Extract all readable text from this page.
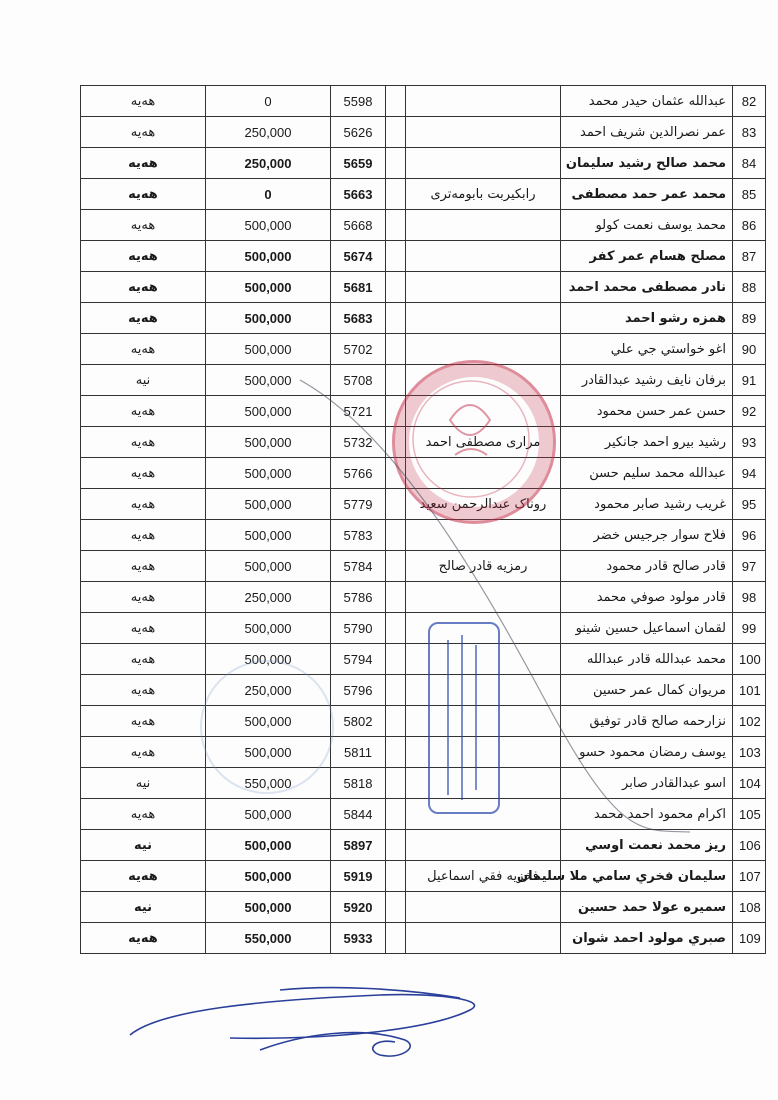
هەیە	0	5598			عبدالله عثمان حيدر محمد	82
هەیە	250,000	5626			عمر نصرالدين شريف احمد	83
هەیە	250,000	5659			محمد صالح رشيد سليمان	84
هەیە	0	5663		رابکیربت بابومەتری	محمد عمر حمد مصطفى	85
هەیە	500,000	5668			محمد يوسف نعمت كولو	86
هەیە	500,000	5674			مصلح هسام عمر كفر	87
هەیە	500,000	5681			نادر مصطفى محمد احمد	88
هەیە	500,000	5683			همزه رشو احمد	89
هەیە	500,000	5702			اغو خواستي جي علي	90
نیە	500,000	5708			برفان نايف رشيد عبدالقادر	91
هەیە	500,000	5721			حسن عمر حسن محمود	92
هەیە	500,000	5732		مراری مصطفی احمد	رشيد بيرو احمد جانكير	93
هەیە	500,000	5766			عبدالله محمد سليم حسن	94
هەیە	500,000	5779		روناک عبدالرحمن سعيد	غريب رشيد صابر محمود	95
هەیە	500,000	5783			فلاح سوار جرجيس خضر	96
هەیە	500,000	5784		رمزيه قادر صالح	قادر صالح قادر محمود	97
هەیە	250,000	5786			قادر مولود صوفي محمد	98
هەیە	500,000	5790			لقمان اسماعيل حسين شينو	99
هەیە	500,000	5794			محمد عبدالله قادر عبدالله	100
هەیە	250,000	5796			مريوان كمال عمر حسين	101
هەیە	500,000	5802			نزارحمه صالح قادر توفيق	102
هەیە	500,000	5811			يوسف رمضان محمود حسو	103
نیە	550,000	5818			اسو عبدالقادر صابر	104
هەیە	500,000	5844			اكرام محمود احمد محمد	105
نیە	500,000	5897			ريز محمد نعمت اوسي	106
هەیە	500,000	5919		فخريه فقي اسماعيل	سليمان فخري سامي ملا سليمان	107
نیە	500,000	5920			سميره عولا حمد حسين	108
هەیە	550,000	5933			صبري مولود احمد شوان	109
